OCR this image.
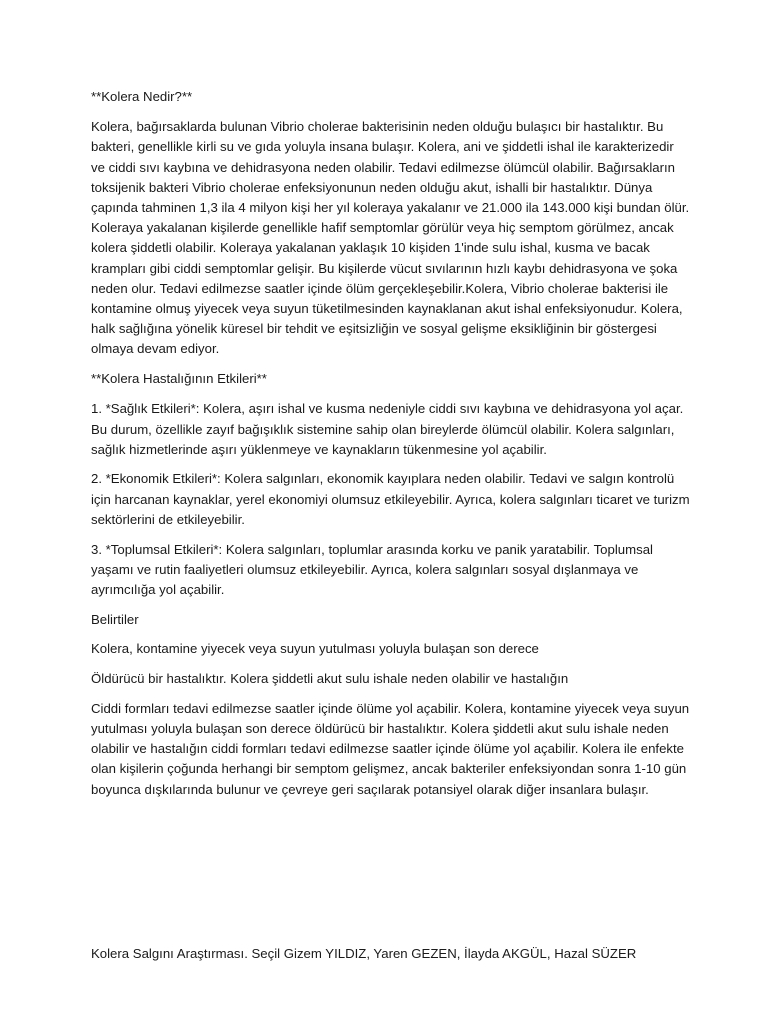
**Kolera Nedir?**

Kolera, bağırsaklarda bulunan Vibrio cholerae bakterisinin neden olduğu bulaşıcı bir hastalıktır. Bu bakteri, genellikle kirli su ve gıda yoluyla insana bulaşır. Kolera, ani ve şiddetli ishal ile karakterizedir ve ciddi sıvı kaybına ve dehidrasyona neden olabilir. Tedavi edilmezse ölümcül olabilir. Bağırsakların toksijenik bakteri Vibrio cholerae enfeksiyonunun neden olduğu akut, ishalli bir hastalıktır. Dünya çapında tahminen 1,3 ila 4 milyon kişi her yıl koleraya yakalanır ve 21.000 ila 143.000 kişi bundan ölür. Koleraya yakalanan kişilerde genellikle hafif semptomlar görülür veya hiç semptom görülmez, ancak kolera şiddetli olabilir. Koleraya yakalanan yaklaşık 10 kişiden 1'inde sulu ishal, kusma ve bacak krampları gibi ciddi semptomlar gelişir. Bu kişilerde vücut sıvılarının hızlı kaybı dehidrasyona ve şoka neden olur. Tedavi edilmezse saatler içinde ölüm gerçekleşebilir.Kolera, Vibrio cholerae bakterisi ile kontamine olmuş yiyecek veya suyun tüketilmesinden kaynaklanan akut ishal enfeksiyonudur. Kolera, halk sağlığına yönelik küresel bir tehdit ve eşitsizliğin ve sosyal gelişme eksikliğinin bir göstergesi olmaya devam ediyor.

**Kolera Hastalığının Etkileri**

1. *Sağlık Etkileri*: Kolera, aşırı ishal ve kusma nedeniyle ciddi sıvı kaybına ve dehidrasyona yol açar. Bu durum, özellikle zayıf bağışıklık sistemine sahip olan bireylerde ölümcül olabilir. Kolera salgınları, sağlık hizmetlerinde aşırı yüklenmeye ve kaynakların tükenmesine yol açabilir.

2. *Ekonomik Etkileri*: Kolera salgınları, ekonomik kayıplara neden olabilir. Tedavi ve salgın kontrolü için harcanan kaynaklar, yerel ekonomiyi olumsuz etkileyebilir. Ayrıca, kolera salgınları ticaret ve turizm sektörlerini de etkileyebilir.

3. *Toplumsal Etkileri*: Kolera salgınları, toplumlar arasında korku ve panik yaratabilir. Toplumsal yaşamı ve rutin faaliyetleri olumsuz etkileyebilir. Ayrıca, kolera salgınları sosyal dışlanmaya ve ayrımcılığa yol açabilir.

Belirtiler

Kolera, kontamine yiyecek veya suyun yutulması yoluyla bulaşan son derece

Öldürücü bir hastalıktır. Kolera şiddetli akut sulu ishale neden olabilir ve hastalığın

Ciddi formları tedavi edilmezse saatler içinde ölüme yol açabilir. Kolera, kontamine yiyecek veya suyun yutulması yoluyla bulaşan son derece öldürücü bir hastalıktır. Kolera şiddetli akut sulu ishale neden olabilir ve hastalığın ciddi formları tedavi edilmezse saatler içinde ölüme yol açabilir. Kolera ile enfekte olan kişilerin çoğunda herhangi bir semptom gelişmez, ancak bakteriler enfeksiyondan sonra 1-10 gün boyunca dışkılarında bulunur ve çevreye geri saçılarak potansiyel olarak diğer insanlara bulaşır.

Kolera Salgını Araştırması. Seçil Gizem YILDIZ, Yaren GEZEN, İlayda AKGÜL, Hazal SÜZER
